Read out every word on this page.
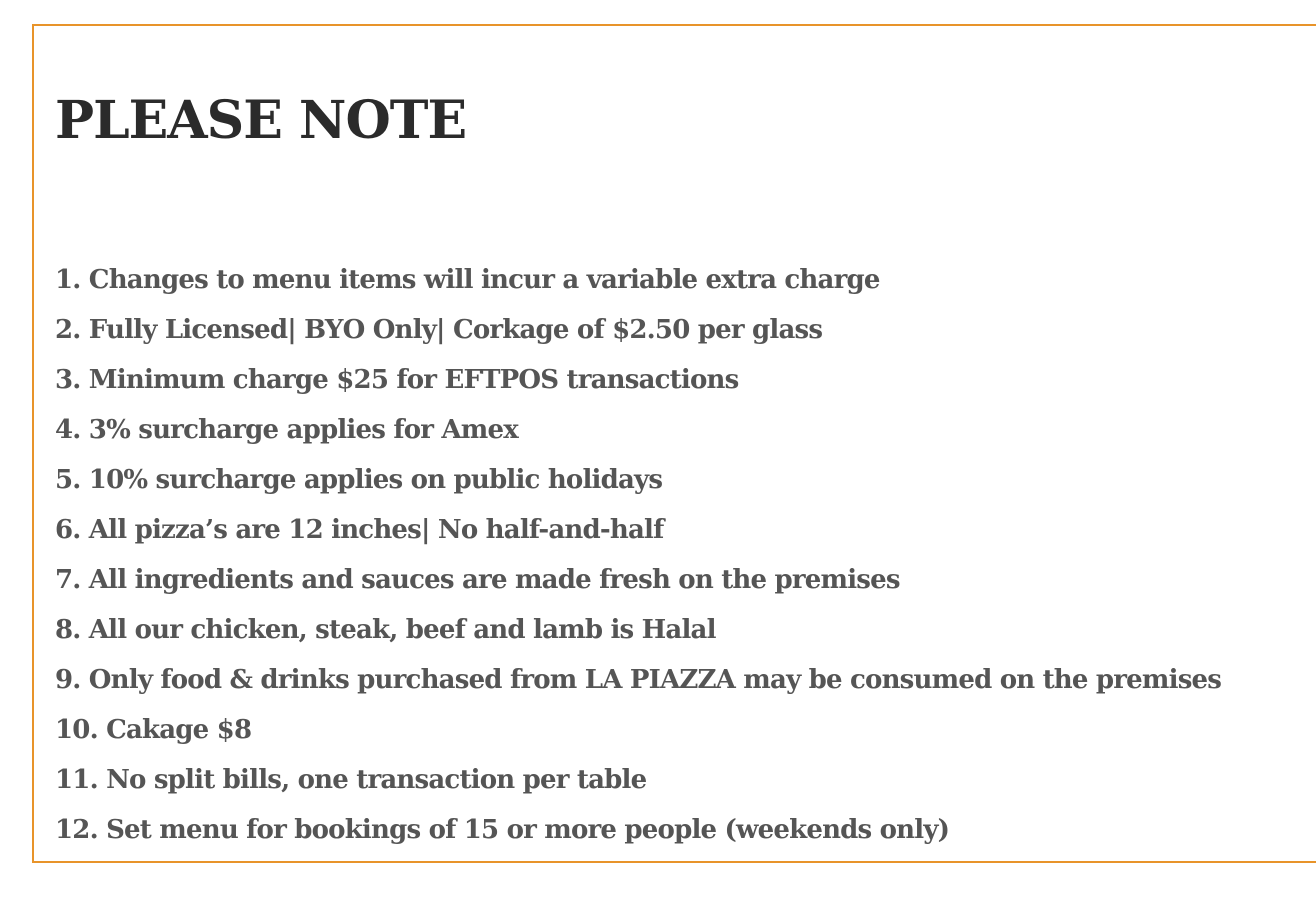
PLEASE NOTE
1. Changes to menu items will incur a variable extra charge
2. Fully Licensed| BYO Only| Corkage of $2.50 per glass
3. Minimum charge $25 for EFTPOS transactions
4. 3% surcharge applies for Amex
5. 10% surcharge applies on public holidays
6. All pizza’s are 12 inches| No half-and-half
7. All ingredients and sauces are made fresh on the premises
8. All our chicken, steak, beef and lamb is Halal
9. Only food & drinks purchased from LA PIAZZA may be consumed on the premises
10. Cakage $8
11. No split bills, one transaction per table
12. Set menu for bookings of 15 or more people (weekends only)
